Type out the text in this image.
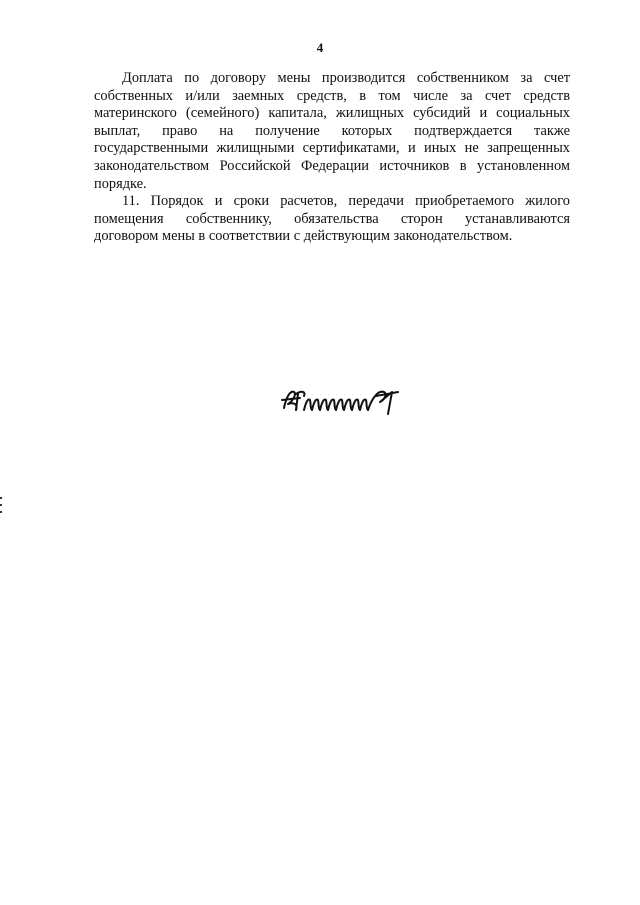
4

Доплата по договору мены производится собственником за счет
собственных и/или заемных средств, в том числе за счет средств
материнского (семейного) капитала, жилищных субсидий и социальных
выплат, право на получение которых подтверждается также
государственными жилищными сертификатами, и иных не запрещенных
законодательством Российской Федерации источников в установленном
порядке.

11. Порядок и сроки расчетов, передачи приобретаемого жилого
помещения собственнику, обязательства сторон устанавливаются
договором мены в соответствии с действующим законодательством.
